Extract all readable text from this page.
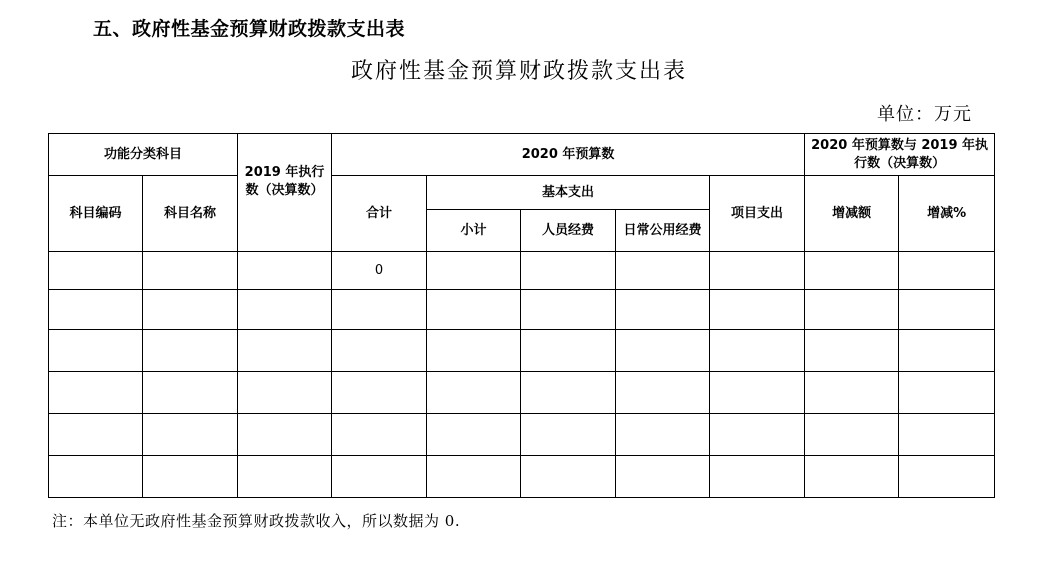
五、政府性基金预算财政拨款支出表
政府性基金预算财政拨款支出表
单位：万元
功能分类科目		2019 年执行数（决算数）	2020 年预算数					2020 年预算数与 2019 年执行数（决算数）	
科目编码	科目名称		合计	基本支出			项目支出	增减额	增减%
				小计	人员经费	日常公用经费			
			0						

注：本单位无政府性基金预算财政拨款收入，所以数据为 0.
